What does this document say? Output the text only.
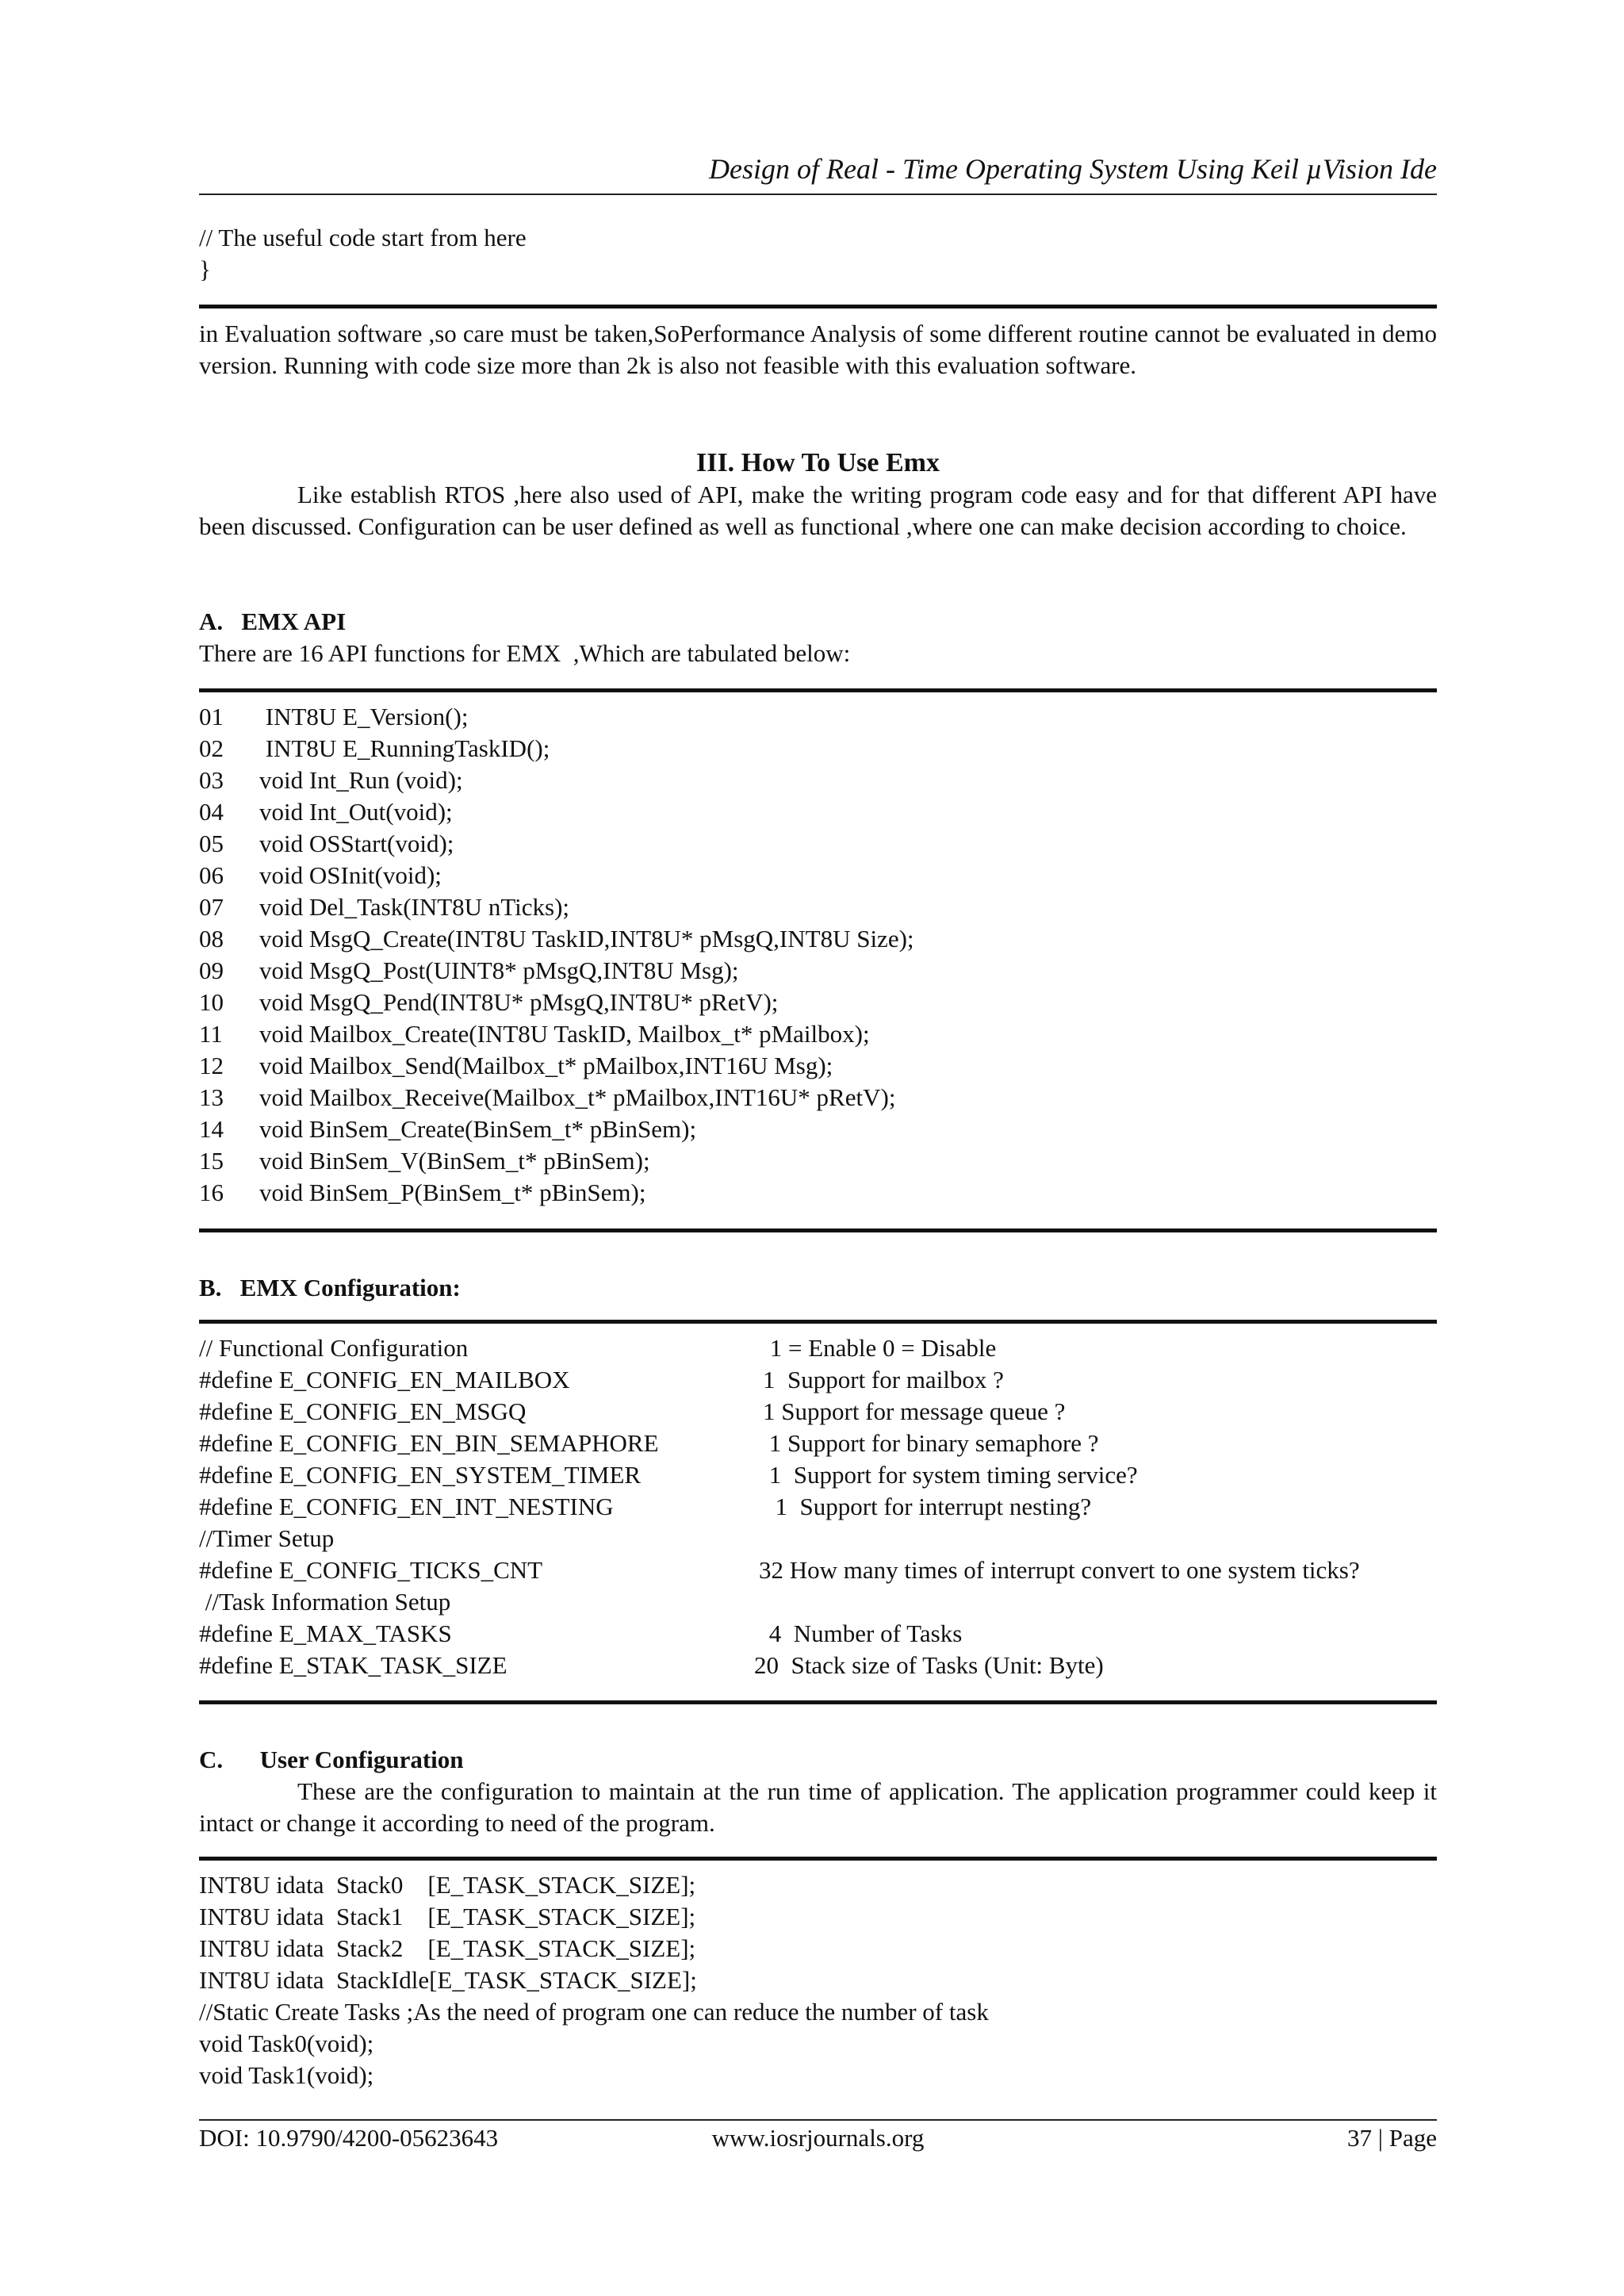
Design of Real - Time Operating System Using Keil µVision Ide
// The useful code start from here
}

in Evaluation software ,so care must be taken,SoPerformance Analysis of some different routine cannot be evaluated in demo version. Running with code size more than 2k is also not feasible with this evaluation software.

III. How To Use Emx

Like establish RTOS ,here also used of API, make the writing program code easy and for that different API have been discussed. Configuration can be user defined as well as functional ,where one can make decision according to choice.

A.   EMX API
There are 16 API functions for EMX  ,Which are tabulated below:
01 INT8U E_Version();
02 INT8U E_RunningTaskID();
03 void Int_Run (void);
04 void Int_Out(void);
05 void OSStart(void);
06 void OSInit(void);
07 void Del_Task(INT8U nTicks);
08 void MsgQ_Create(INT8U TaskID,INT8U* pMsgQ,INT8U Size);
09 void MsgQ_Post(UINT8* pMsgQ,INT8U Msg);
10 void MsgQ_Pend(INT8U* pMsgQ,INT8U* pRetV);
11 void Mailbox_Create(INT8U TaskID, Mailbox_t* pMailbox);
12 void Mailbox_Send(Mailbox_t* pMailbox,INT16U Msg);
13 void Mailbox_Receive(Mailbox_t* pMailbox,INT16U* pRetV);
14 void BinSem_Create(BinSem_t* pBinSem);
15 void BinSem_V(BinSem_t* pBinSem);
16 void BinSem_P(BinSem_t* pBinSem);
B.   EMX Configuration:
// Functional Configuration	1 = Enable 0 = Disable
#define E_CONFIG_EN_MAILBOX	1  Support for mailbox ?
#define E_CONFIG_EN_MSGQ	1 Support for message queue ?
#define E_CONFIG_EN_BIN_SEMAPHORE	1 Support for binary semaphore ?
#define E_CONFIG_EN_SYSTEM_TIMER	1  Support for system timing service?
#define E_CONFIG_EN_INT_NESTING	1  Support for interrupt nesting?
//Timer Setup
#define E_CONFIG_TICKS_CNT	32 How many times of interrupt convert to one system ticks?
//Task Information Setup
#define E_MAX_TASKS	4  Number of Tasks
#define E_STAK_TASK_SIZE	20  Stack size of Tasks (Unit: Byte)
C.      User Configuration

These are the configuration to maintain at the run time of application. The application programmer could keep it intact or change it according to need of the program.

INT8U idata  Stack0    [E_TASK_STACK_SIZE];
INT8U idata  Stack1    [E_TASK_STACK_SIZE];
INT8U idata  Stack2    [E_TASK_STACK_SIZE];
INT8U idata  StackIdle[E_TASK_STACK_SIZE];
//Static Create Tasks ;As the need of program one can reduce the number of task
void Task0(void);
void Task1(void);
DOI: 10.9790/4200-05623643	www.iosrjournals.org	37 | Page
